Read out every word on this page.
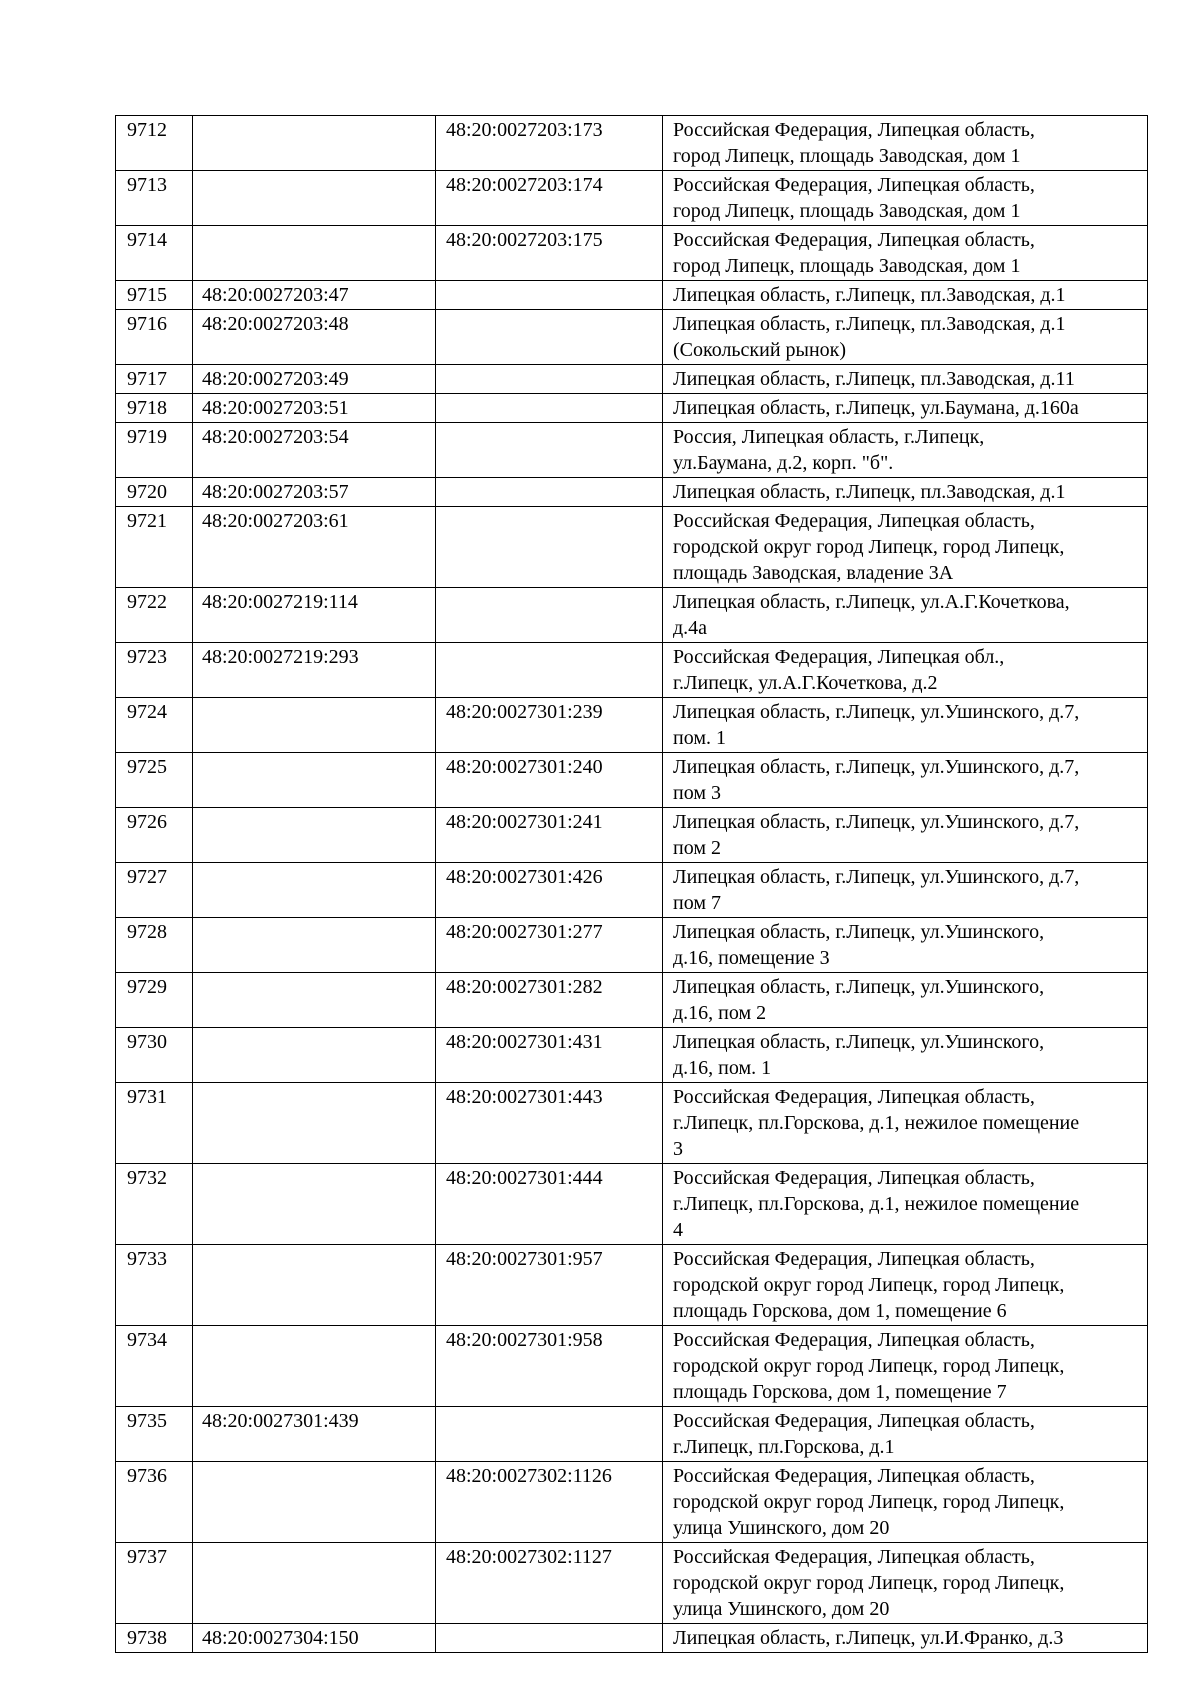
9712		48:20:0027203:173	Российская Федерация, Липецкая область,
город Липецк, площадь Заводская, дом 1
9713		48:20:0027203:174	Российская Федерация, Липецкая область,
город Липецк, площадь Заводская, дом 1
9714		48:20:0027203:175	Российская Федерация, Липецкая область,
город Липецк, площадь Заводская, дом 1
9715	48:20:0027203:47		Липецкая область, г.Липецк, пл.Заводская, д.1
9716	48:20:0027203:48		Липецкая область, г.Липецк, пл.Заводская, д.1
(Сокольский рынок)
9717	48:20:0027203:49		Липецкая область, г.Липецк, пл.Заводская, д.11
9718	48:20:0027203:51		Липецкая область, г.Липецк, ул.Баумана, д.160а
9719	48:20:0027203:54		Россия, Липецкая область, г.Липецк,
ул.Баумана, д.2, корп. "б".
9720	48:20:0027203:57		Липецкая область, г.Липецк, пл.Заводская, д.1
9721	48:20:0027203:61		Российская Федерация, Липецкая область,
городской округ город Липецк, город Липецк,
площадь Заводская, владение 3А
9722	48:20:0027219:114		Липецкая область, г.Липецк, ул.А.Г.Кочеткова,
д.4а
9723	48:20:0027219:293		Российская Федерация, Липецкая обл.,
г.Липецк, ул.А.Г.Кочеткова, д.2
9724		48:20:0027301:239	Липецкая область, г.Липецк, ул.Ушинского, д.7,
пом. 1
9725		48:20:0027301:240	Липецкая область, г.Липецк, ул.Ушинского, д.7,
пом 3
9726		48:20:0027301:241	Липецкая область, г.Липецк, ул.Ушинского, д.7,
пом 2
9727		48:20:0027301:426	Липецкая область, г.Липецк, ул.Ушинского, д.7,
пом 7
9728		48:20:0027301:277	Липецкая область, г.Липецк, ул.Ушинского,
д.16, помещение 3
9729		48:20:0027301:282	Липецкая область, г.Липецк, ул.Ушинского,
д.16, пом 2
9730		48:20:0027301:431	Липецкая область, г.Липецк, ул.Ушинского,
д.16, пом. 1
9731		48:20:0027301:443	Российская Федерация, Липецкая область,
г.Липецк, пл.Горскова, д.1, нежилое помещение
3
9732		48:20:0027301:444	Российская Федерация, Липецкая область,
г.Липецк, пл.Горскова, д.1, нежилое помещение
4
9733		48:20:0027301:957	Российская Федерация, Липецкая область,
городской округ город Липецк, город Липецк,
площадь Горскова, дом 1, помещение 6
9734		48:20:0027301:958	Российская Федерация, Липецкая область,
городской округ город Липецк, город Липецк,
площадь Горскова, дом 1, помещение 7
9735	48:20:0027301:439		Российская Федерация, Липецкая область,
г.Липецк, пл.Горскова, д.1
9736		48:20:0027302:1126	Российская Федерация, Липецкая область,
городской округ город Липецк, город Липецк,
улица Ушинского, дом 20
9737		48:20:0027302:1127	Российская Федерация, Липецкая область,
городской округ город Липецк, город Липецк,
улица Ушинского, дом 20
9738	48:20:0027304:150		Липецкая область, г.Липецк, ул.И.Франко, д.3
